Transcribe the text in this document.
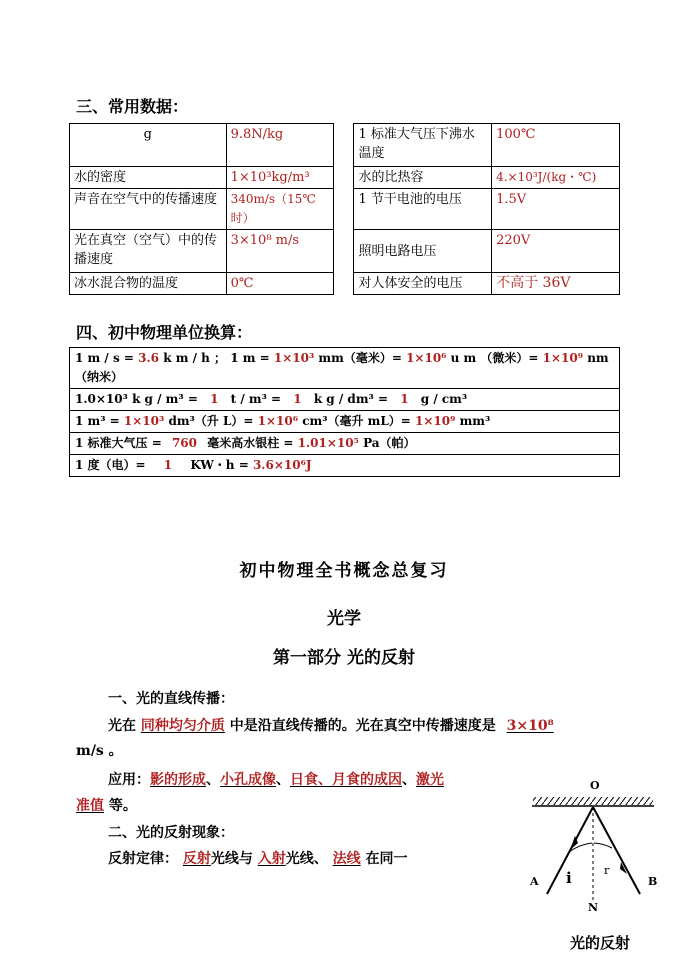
三、常用数据：
g	9.8N/kg		1 标准大气压下沸水温度	100℃
水的密度	1×10³kg/m³		水的比热容	4.×10³J/(kg・℃)
声音在空气中的传播速度	340m/s（15℃时）		1 节干电池的电压	1.5V
光在真空（空气）中的传播速度	3×10⁸ m/s		照明电路电压	220V
冰水混合物的温度	0℃		对人体安全的电压	不高于 36V
四、初中物理单位换算：
1 m / s = 3.6 k m / h ； 1 m = 1×10³ mm（毫米）= 1×10⁶ u m （微米）= 1×10⁹ nm（纳米）
1.0×10³ k g / m³ = 1 t / m³ = 1 k g / dm³ = 1 g / cm³
1 m³ = 1×10³ dm³（升 L）= 1×10⁶ cm³（毫升 mL）= 1×10⁹ mm³
1 标准大气压 = 760 毫米高水银柱 = 1.01×10⁵ Pa（帕）
1 度（电）= 1 KW・h = 3.6×10⁶J
初中物理全书概念总复习
光学
第一部分 光的反射
一、光的直线传播：
光在 同种均匀介质 中是沿直线传播的。光在真空中传播速度是 3×10⁸
m/s 。
应用：影的形成、小孔成像、日食、月食的成因、激光
准值 等。
二、光的反射现象：
反射定律： 反射光线与 入射光线、 法线 在同一
O
A	B
N
i	r
光的反射
